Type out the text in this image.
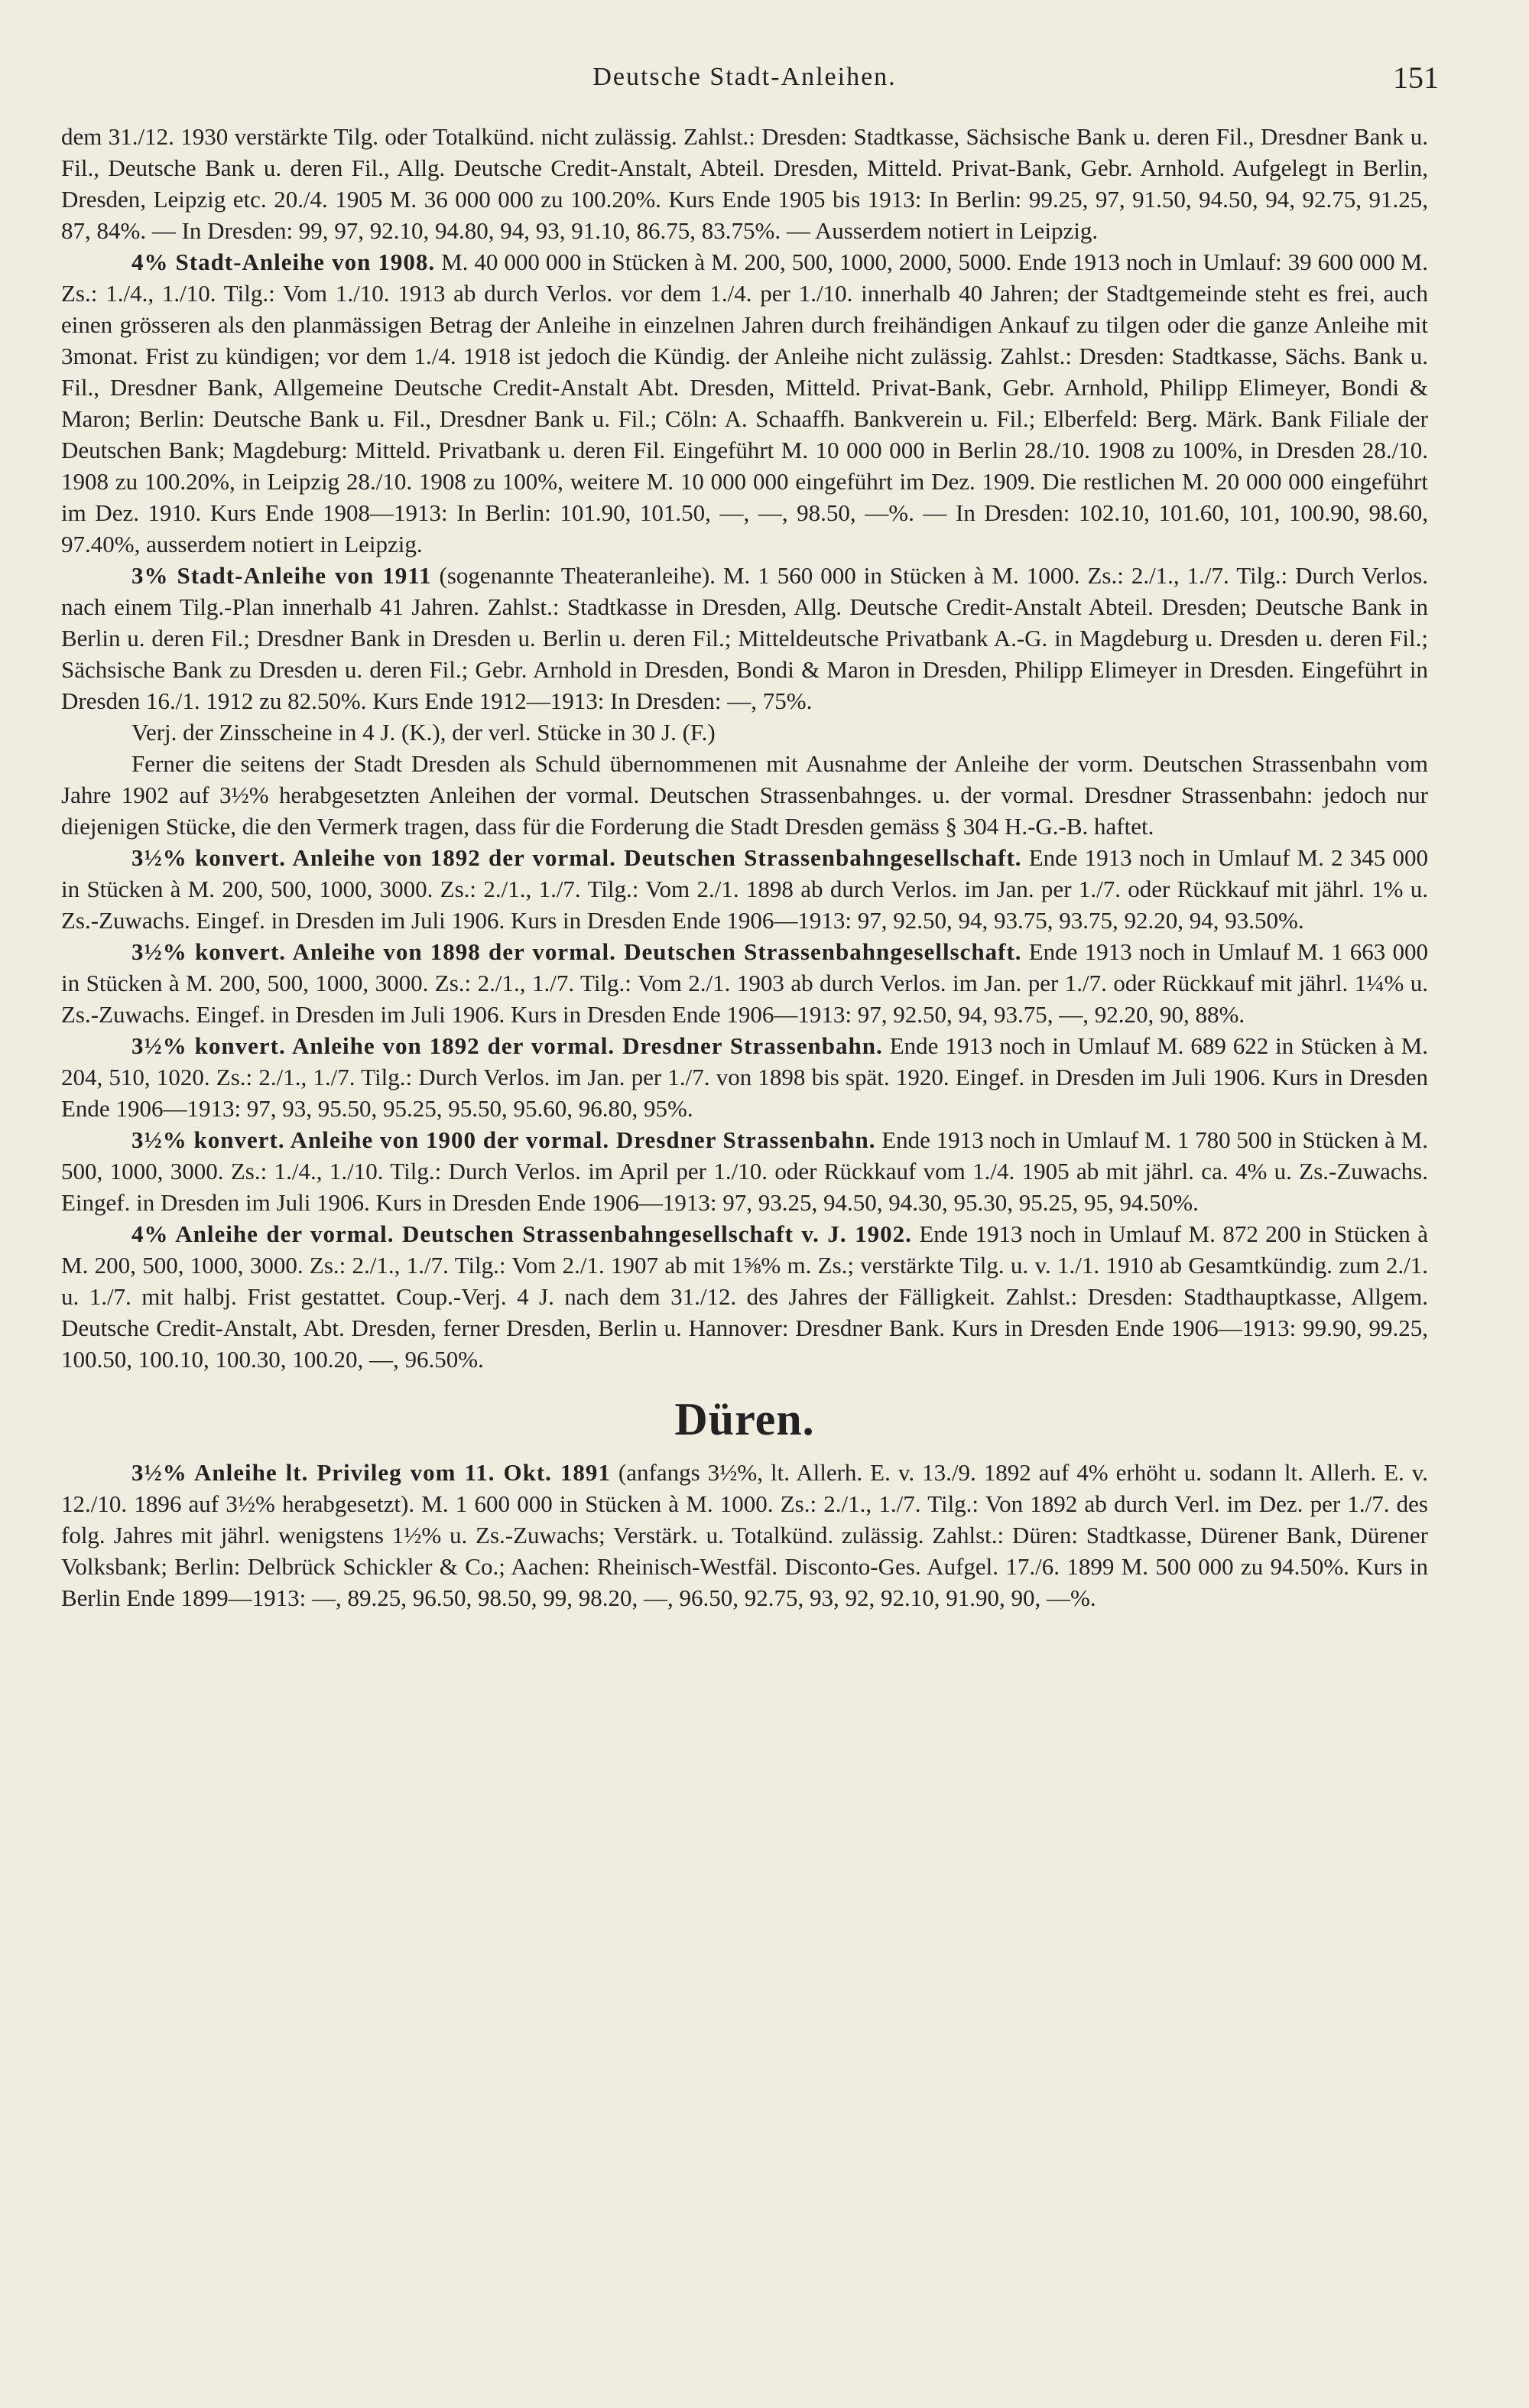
Deutsche Stadt-Anleihen.	151

dem 31./12. 1930 verstärkte Tilg. oder Totalkünd. nicht zulässig. Zahlst.: Dresden: Stadtkasse, Sächsische Bank u. deren Fil., Dresdner Bank u. Fil., Deutsche Bank u. deren Fil., Allg. Deutsche Credit-Anstalt, Abteil. Dresden, Mitteld. Privat-Bank, Gebr. Arnhold. Aufgelegt in Berlin, Dresden, Leipzig etc. 20./4. 1905 M. 36 000 000 zu 100.20%. Kurs Ende 1905 bis 1913: In Berlin: 99.25, 97, 91.50, 94.50, 94, 92.75, 91.25, 87, 84%. — In Dresden: 99, 97, 92.10, 94.80, 94, 93, 91.10, 86.75, 83.75%. — Ausserdem notiert in Leipzig.

4% Stadt-Anleihe von 1908. M. 40 000 000 in Stücken à M. 200, 500, 1000, 2000, 5000. Ende 1913 noch in Umlauf: 39 600 000 M. Zs.: 1./4., 1./10. Tilg.: Vom 1./10. 1913 ab durch Verlos. vor dem 1./4. per 1./10. innerhalb 40 Jahren; der Stadtgemeinde steht es frei, auch einen grösseren als den planmässigen Betrag der Anleihe in einzelnen Jahren durch freihändigen Ankauf zu tilgen oder die ganze Anleihe mit 3monat. Frist zu kündigen; vor dem 1./4. 1918 ist jedoch die Kündig. der Anleihe nicht zulässig. Zahlst.: Dresden: Stadtkasse, Sächs. Bank u. Fil., Dresdner Bank, Allgemeine Deutsche Credit-Anstalt Abt. Dresden, Mitteld. Privat-Bank, Gebr. Arnhold, Philipp Elimeyer, Bondi & Maron; Berlin: Deutsche Bank u. Fil., Dresdner Bank u. Fil.; Cöln: A. Schaaffh. Bankverein u. Fil.; Elberfeld: Berg. Märk. Bank Filiale der Deutschen Bank; Magdeburg: Mitteld. Privatbank u. deren Fil. Eingeführt M. 10 000 000 in Berlin 28./10. 1908 zu 100%, in Dresden 28./10. 1908 zu 100.20%, in Leipzig 28./10. 1908 zu 100%, weitere M. 10 000 000 eingeführt im Dez. 1909. Die restlichen M. 20 000 000 eingeführt im Dez. 1910. Kurs Ende 1908—1913: In Berlin: 101.90, 101.50, —, —, 98.50, —%. — In Dresden: 102.10, 101.60, 101, 100.90, 98.60, 97.40%, ausserdem notiert in Leipzig.

3% Stadt-Anleihe von 1911 (sogenannte Theateranleihe). M. 1 560 000 in Stücken à M. 1000. Zs.: 2./1., 1./7. Tilg.: Durch Verlos. nach einem Tilg.-Plan innerhalb 41 Jahren. Zahlst.: Stadtkasse in Dresden, Allg. Deutsche Credit-Anstalt Abteil. Dresden; Deutsche Bank in Berlin u. deren Fil.; Dresdner Bank in Dresden u. Berlin u. deren Fil.; Mitteldeutsche Privatbank A.-G. in Magdeburg u. Dresden u. deren Fil.; Sächsische Bank zu Dresden u. deren Fil.; Gebr. Arnhold in Dresden, Bondi & Maron in Dresden, Philipp Elimeyer in Dresden. Eingeführt in Dresden 16./1. 1912 zu 82.50%. Kurs Ende 1912—1913: In Dresden: —, 75%.

Verj. der Zinsscheine in 4 J. (K.), der verl. Stücke in 30 J. (F.)

Ferner die seitens der Stadt Dresden als Schuld übernommenen mit Ausnahme der Anleihe der vorm. Deutschen Strassenbahn vom Jahre 1902 auf 3½% herabgesetzten Anleihen der vormal. Deutschen Strassenbahnges. u. der vormal. Dresdner Strassenbahn: jedoch nur diejenigen Stücke, die den Vermerk tragen, dass für die Forderung die Stadt Dresden gemäss § 304 H.-G.-B. haftet.

3½% konvert. Anleihe von 1892 der vormal. Deutschen Strassenbahngesellschaft. Ende 1913 noch in Umlauf M. 2 345 000 in Stücken à M. 200, 500, 1000, 3000. Zs.: 2./1., 1./7. Tilg.: Vom 2./1. 1898 ab durch Verlos. im Jan. per 1./7. oder Rückkauf mit jährl. 1% u. Zs.-Zuwachs. Eingef. in Dresden im Juli 1906. Kurs in Dresden Ende 1906—1913: 97, 92.50, 94, 93.75, 93.75, 92.20, 94, 93.50%.

3½% konvert. Anleihe von 1898 der vormal. Deutschen Strassenbahngesellschaft. Ende 1913 noch in Umlauf M. 1 663 000 in Stücken à M. 200, 500, 1000, 3000. Zs.: 2./1., 1./7. Tilg.: Vom 2./1. 1903 ab durch Verlos. im Jan. per 1./7. oder Rückkauf mit jährl. 1¼% u. Zs.-Zuwachs. Eingef. in Dresden im Juli 1906. Kurs in Dresden Ende 1906—1913: 97, 92.50, 94, 93.75, —, 92.20, 90, 88%.

3½% konvert. Anleihe von 1892 der vormal. Dresdner Strassenbahn. Ende 1913 noch in Umlauf M. 689 622 in Stücken à M. 204, 510, 1020. Zs.: 2./1., 1./7. Tilg.: Durch Verlos. im Jan. per 1./7. von 1898 bis spät. 1920. Eingef. in Dresden im Juli 1906. Kurs in Dresden Ende 1906—1913: 97, 93, 95.50, 95.25, 95.50, 95.60, 96.80, 95%.

3½% konvert. Anleihe von 1900 der vormal. Dresdner Strassenbahn. Ende 1913 noch in Umlauf M. 1 780 500 in Stücken à M. 500, 1000, 3000. Zs.: 1./4., 1./10. Tilg.: Durch Verlos. im April per 1./10. oder Rückkauf vom 1./4. 1905 ab mit jährl. ca. 4% u. Zs.-Zuwachs. Eingef. in Dresden im Juli 1906. Kurs in Dresden Ende 1906—1913: 97, 93.25, 94.50, 94.30, 95.30, 95.25, 95, 94.50%.

4% Anleihe der vormal. Deutschen Strassenbahngesellschaft v. J. 1902. Ende 1913 noch in Umlauf M. 872 200 in Stücken à M. 200, 500, 1000, 3000. Zs.: 2./1., 1./7. Tilg.: Vom 2./1. 1907 ab mit 1⅝% m. Zs.; verstärkte Tilg. u. v. 1./1. 1910 ab Gesamtkündig. zum 2./1. u. 1./7. mit halbj. Frist gestattet. Coup.-Verj. 4 J. nach dem 31./12. des Jahres der Fälligkeit. Zahlst.: Dresden: Stadthauptkasse, Allgem. Deutsche Credit-Anstalt, Abt. Dresden, ferner Dresden, Berlin u. Hannover: Dresdner Bank. Kurs in Dresden Ende 1906—1913: 99.90, 99.25, 100.50, 100.10, 100.30, 100.20, —, 96.50%.

Düren.

3½% Anleihe lt. Privileg vom 11. Okt. 1891 (anfangs 3½%, lt. Allerh. E. v. 13./9. 1892 auf 4% erhöht u. sodann lt. Allerh. E. v. 12./10. 1896 auf 3½% herabgesetzt). M. 1 600 000 in Stücken à M. 1000. Zs.: 2./1., 1./7. Tilg.: Von 1892 ab durch Verl. im Dez. per 1./7. des folg. Jahres mit jährl. wenigstens 1½% u. Zs.-Zuwachs; Verstärk. u. Totalkünd. zulässig. Zahlst.: Düren: Stadtkasse, Dürener Bank, Dürener Volksbank; Berlin: Delbrück Schickler & Co.; Aachen: Rheinisch-Westfäl. Disconto-Ges. Aufgel. 17./6. 1899 M. 500 000 zu 94.50%. Kurs in Berlin Ende 1899—1913: —, 89.25, 96.50, 98.50, 99, 98.20, —, 96.50, 92.75, 93, 92, 92.10, 91.90, 90, —%.
